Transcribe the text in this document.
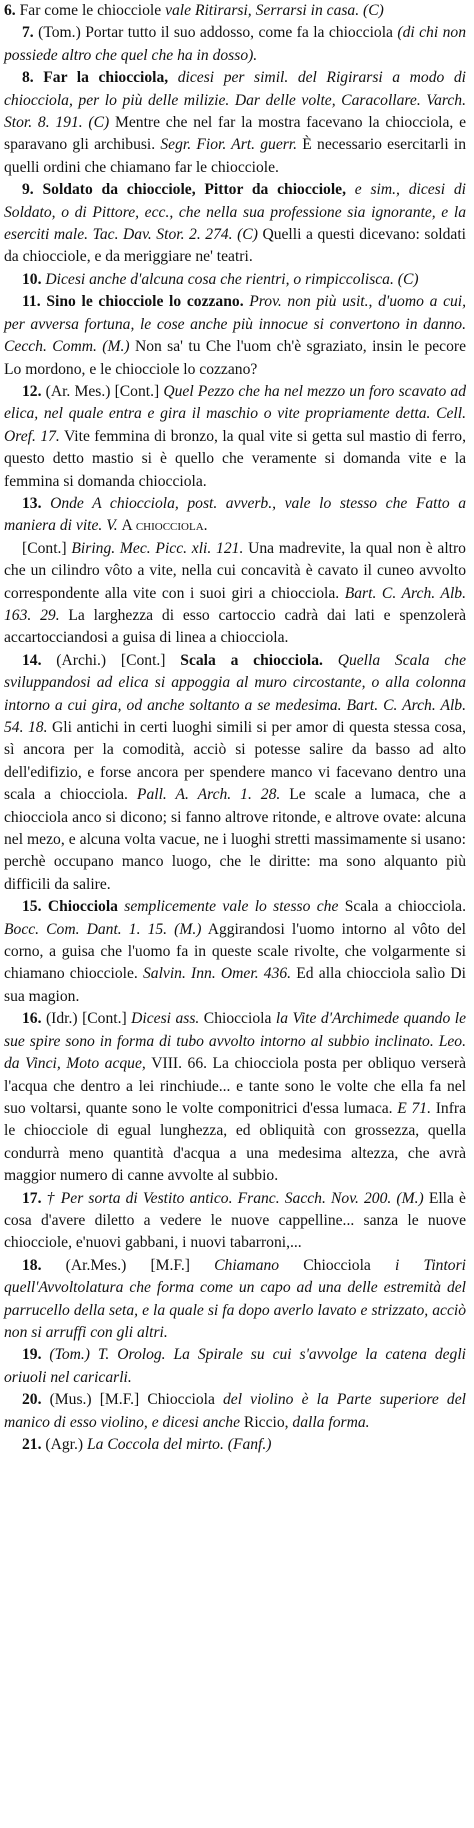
6. Far come le chiocciole vale Ritirarsi, Serrarsi in casa. (C)

7. (Tom.) Portar tutto il suo addosso, come fa la chiocciola (di chi non possiede altro che quel che ha in dosso).

8. Far la chiocciola, dicesi per simil. del Rigirarsi a modo di chiocciola, per lo più delle milizie. Dar delle volte, Caracollare. Varch. Stor. 8. 191. (C) Mentre che nel far la mostra facevano la chiocciola, e sparavano gli archibusi. Segr. Fior. Art. guerr. È necessario esercitarli in quelli ordini che chiamano far le chiocciole.

9. Soldato da chiocciole, Pittor da chiocciole, e sim., dicesi di Soldato, o di Pittore, ecc., che nella sua professione sia ignorante, e la eserciti male. Tac. Dav. Stor. 2. 274. (C) Quelli a questi dicevano: soldati da chiocciole, e da meriggiare ne' teatri.

10. Dicesi anche d'alcuna cosa che rientri, o rimpiccolisca. (C)

11. Sino le chiocciole lo cozzano. Prov. non più usit., d'uomo a cui, per avversa fortuna, le cose anche più innocue si convertono in danno. Cecch. Comm. (M.) Non sa' tu Che l'uom ch'è sgraziato, insin le pecore Lo mordono, e le chiocciole lo cozzano?

12. (Ar. Mes.) [Cont.] Quel Pezzo che ha nel mezzo un foro scavato ad elica, nel quale entra e gira il maschio o vite propriamente detta. Cell. Oref. 17. Vite femmina di bronzo, la qual vite si getta sul mastio di ferro, questo detto mastio si è quello che veramente si domanda vite e la femmina si domanda chiocciola.

13. Onde A chiocciola, post. avverb., vale lo stesso che Fatto a maniera di vite. V. A chiocciola.

[Cont.] Biring. Mec. Picc. xli. 121. Una madrevite, la qual non è altro che un cilindro vôto a vite, nella cui concavità è cavato il cuneo avvolto correspondente alla vite con i suoi giri a chiocciola. Bart. C. Arch. Alb. 163. 29. La larghezza di esso cartoccio cadrà dai lati e spenzolerà accartocciandosi a guisa di linea a chiocciola.

14. (Archi.) [Cont.] Scala a chiocciola. Quella Scala che sviluppandosi ad elica si appoggia al muro circostante, o alla colonna intorno a cui gira, od anche soltanto a se medesima. Bart. C. Arch. Alb. 54. 18. Gli antichi in certi luoghi simili si per amor di questa stessa cosa, sì ancora per la comodità, acciò si potesse salire da basso ad alto dell'edifizio, e forse ancora per spendere manco vi facevano dentro una scala a chiocciola. Pall. A. Arch. 1. 28. Le scale a lumaca, che a chiocciola anco si dicono; si fanno altrove ritonde, e altrove ovate: alcuna nel mezo, e alcuna volta vacue, ne i luoghi stretti massimamente si usano: perchè occupano manco luogo, che le diritte: ma sono alquanto più difficili da salire.

15. Chiocciola semplicemente vale lo stesso che Scala a chiocciola. Bocc. Com. Dant. 1. 15. (M.) Aggirandosi l'uomo intorno al vôto del corno, a guisa che l'uomo fa in queste scale rivolte, che volgarmente si chiamano chiocciole. Salvin. Inn. Omer. 436. Ed alla chiocciola salìo Di sua magion.

16. (Idr.) [Cont.] Dicesi ass. Chiocciola la Vite d'Archimede quando le sue spire sono in forma di tubo avvolto intorno al subbio inclinato. Leo. da Vinci, Moto acque, VIII. 66. La chiocciola posta per obliquo verserà l'acqua che dentro a lei rinchiude... e tante sono le volte che ella fa nel suo voltarsi, quante sono le volte componitrici d'essa lumaca. E 71. Infra le chiocciole di egual lunghezza, ed obliquità con grossezza, quella condurrà meno quantità d'acqua a una medesima altezza, che avrà maggior numero di canne avvolte al subbio.

17. † Per sorta di Vestito antico. Franc. Sacch. Nov. 200. (M.) Ella è cosa d'avere diletto a vedere le nuove cappelline... sanza le nuove chiocciole, e'nuovi gabbani, i nuovi tabarroni,...

18. (Ar.Mes.) [M.F.] Chiamano Chiocciola i Tintori quell'Avvoltolatura che forma come un capo ad una delle estremità del parrucello della seta, e la quale si fa dopo averlo lavato e strizzato, acciò non si arruffi con gli altri.

19. (Tom.) T. Orolog. La Spirale su cui s'avvolge la catena degli oriuoli nel caricarli.

20. (Mus.) [M.F.] Chiocciola del violino è la Parte superiore del manico di esso violino, e dicesi anche Riccio, dalla forma.

21. (Agr.) La Coccola del mirto. (Fanf.)
